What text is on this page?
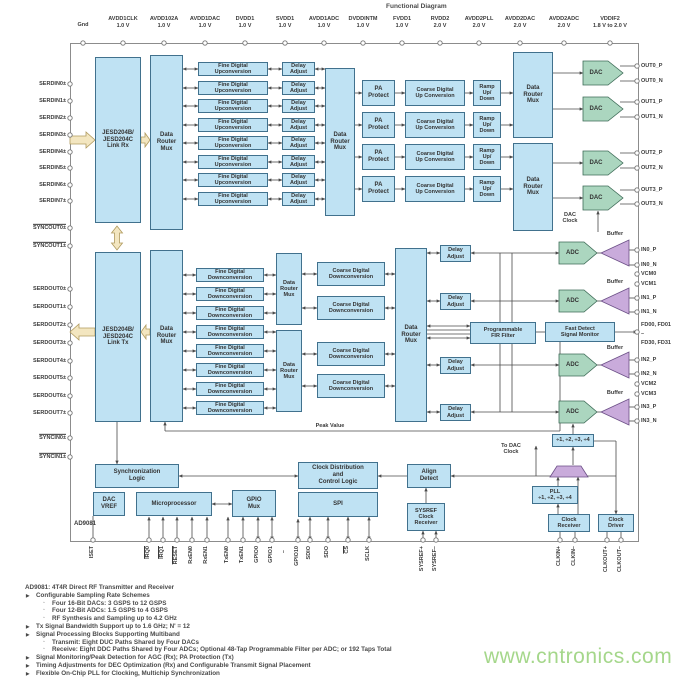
Functional Diagram
AD9081
Gnd
AVDD1CLK
1.0 V
AVDD102A
1.0 V
AVDD1DAC
1.0 V
DVDD1
1.0 V
SVDD1
1.0 V
AVDD1ADC
1.0 V
DVDDINTM
1.0 V
FVDD1
1.0 V
RVDD2
2.0 V
AVDD2PLL
2.0 V
AVDD2DAC
2.0 V
AVDD2ADC
2.0 V
VDDIF2
1.8 V to 2.0 V
SERDIN0±
SERDIN1±
SERDIN2±
SERDIN3±
SERDIN4±
SERDIN5±
SERDIN6±
SERDIN7±
SYNCOUT0±
SYNCOUT1±
SERDOUT0±
SERDOUT1±
SERDOUT2±
SERDOUT3±
SERDOUT4±
SERDOUT5±
SERDOUT6±
SERDOUT7±
SYNCIN0±
SYNCIN1±
OUT0_P
OUT0_N
OUT1_P
OUT1_N
OUT2_P
OUT2_N
OUT3_P
OUT3_N
IN0_P
IN0_N
VCM0
VCM1
IN1_P
IN1_N
FD00, FD01
–
FD30, FD31
IN2_P
IN2_N
VCM2
VCM3
IN3_P
IN3_N
ISET	IRQ0 IRQ1 RESET RxEN0 RxEN1	TxEN0 TxEN1 GPIO0 GPIO1 – GPIO10 SDIO SDO	CS	SCLK	SYSREF+ SYSREF–	CLKIN+ CLKIN–	CLKOUT+ CLKOUT–
JESD204B/
JESD204C
Link Rx
Data
Router
Mux
Fine Digital
Upconversion
Fine Digital
Upconversion
Fine Digital
Upconversion
Fine Digital
Upconversion
Fine Digital
Upconversion
Fine Digital
Upconversion
Fine Digital
Upconversion
Fine Digital
Upconversion
Delay
Adjust
Delay
Adjust
Delay
Adjust
Delay
Adjust
Delay
Adjust
Delay
Adjust
Delay
Adjust
Delay
Adjust
Data
Router
Mux
PA
Protect
PA
Protect
PA
Protect
PA
Protect
Coarse Digital
Up Conversion
Coarse Digital
Up Conversion
Coarse Digital
Up Conversion
Coarse Digital
Up Conversion
Ramp
Up/
Down
Ramp
Up/
Down
Ramp
Up/
Down
Ramp
Up/
Down
Data
Router
Mux
Data
Router
Mux
DAC
DAC
DAC
DAC
ADC
ADC
ADC
ADC
Buffer
Buffer
Buffer
Buffer
DAC
Clock
JESD204B/
JESD204C
Link Tx
Data
Router
Mux
Fine Digital
Downconversion
Fine Digital
Downconversion
Fine Digital
Downconversion
Fine Digital
Downconversion
Fine Digital
Downconversion
Fine Digital
Downconversion
Fine Digital
Downconversion
Fine Digital
Downconversion
Data
Router
Mux
Data
Router
Mux
Coarse Digital
Downconversion
Coarse Digital
Downconversion
Coarse Digital
Downconversion
Coarse Digital
Downconversion
Data
Router
Mux
Delay
Adjust
Delay
Adjust
Delay
Adjust
Delay
Adjust
Programmable
FIR Filter
Fast Detect
Signal Monitor
Peak Value
÷1, ÷2, ÷3, ÷4
PLL
÷1, ÷2, ÷3, ÷4
Clock
Receiver
Clock
Driver
To DAC
Clock
Synchronization
Logic
DAC
VREF
Microprocessor
GPIO
Mux
Clock Distribution
and
Control Logic
SPI
Align
Detect
SYSREF
Clock
Receiver
AD9081: 4T4R Direct RF Transmitter and Receiver
▶ Configurable Sampling Rate Schemes
◦ Four 16-Bit DACs: 3 GSPS to 12 GSPS
◦ Four 12-Bit ADCs: 1.5 GSPS to 4 GSPS
◦ RF Synthesis and Sampling up to 4.2 GHz
▶ Tx Signal Bandwidth Support up to 1.6 GHz; N' = 12
▶ Signal Processing Blocks Supporting Multiband
◦ Transmit: Eight DUC Paths Shared by Four DACs
◦ Receive: Eight DDC Paths Shared by Four ADCs; Optional 48-Tap Programmable Filter per ADC; or 192 Taps Total
▶ Signal Monitoring/Peak Detection for AGC (Rx); PA Protection (Tx)
▶ Timing Adjustments for DEC Optimization (Rx) and Configurable Transmit Signal Placement
▶ Flexible On-Chip PLL for Clocking, Multichip Synchronization
www.cntronics.com
